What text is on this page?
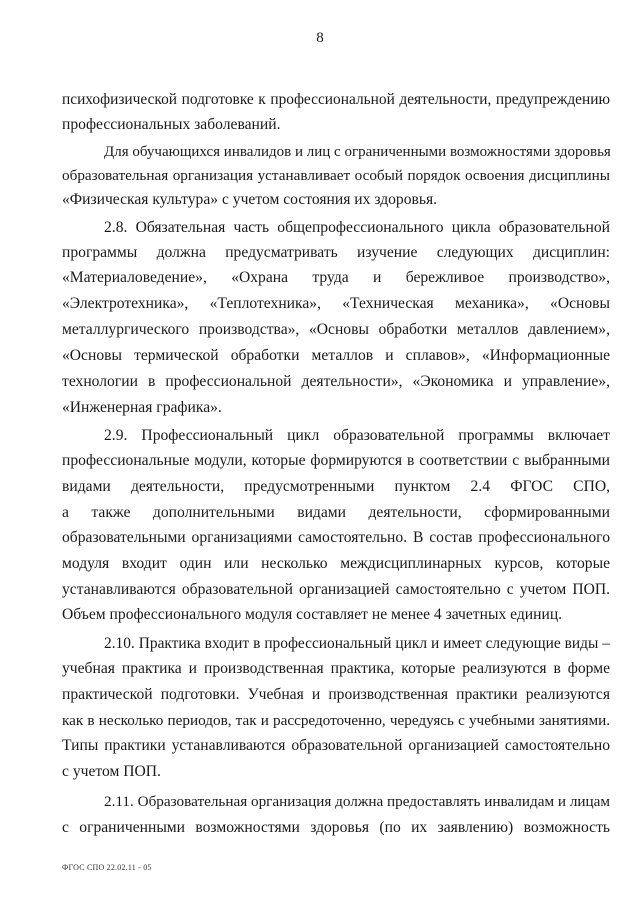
8
психофизической подготовке к профессиональной деятельности, предупреждению
профессиональных заболеваний.
Для обучающихся инвалидов и лиц с ограниченными возможностями здоровья
образовательная организация устанавливает особый порядок освоения дисциплины
«Физическая культура» с учетом состояния их здоровья.
2.8. Обязательная часть общепрофессионального цикла образовательной
программы должна предусматривать изучение следующих дисциплин:
«Материаловедение», «Охрана труда и бережливое производство»,
«Электротехника», «Теплотехника», «Техническая механика», «Основы
металлургического производства», «Основы обработки металлов давлением»,
«Основы термической обработки металлов и сплавов», «Информационные
технологии в профессиональной деятельности», «Экономика и управление»,
«Инженерная графика».
2.9. Профессиональный цикл образовательной программы включает
профессиональные модули, которые формируются в соответствии с выбранными
видами деятельности, предусмотренными пунктом 2.4 ФГОС СПО,
а также дополнительными видами деятельности, сформированными
образовательными организациями самостоятельно. В состав профессионального
модуля входит один или несколько междисциплинарных курсов, которые
устанавливаются образовательной организацией самостоятельно с учетом ПОП.
Объем профессионального модуля составляет не менее 4 зачетных единиц.
2.10. Практика входит в профессиональный цикл и имеет следующие виды –
учебная практика и производственная практика, которые реализуются в форме
практической подготовки. Учебная и производственная практики реализуются
как в несколько периодов, так и рассредоточенно, чередуясь с учебными занятиями.
Типы практики устанавливаются образовательной организацией самостоятельно
с учетом ПОП.
2.11. Образовательная организация должна предоставлять инвалидам и лицам
с ограниченными возможностями здоровья (по их заявлению) возможность
ФГОС СПО 22.02.11 - 05
